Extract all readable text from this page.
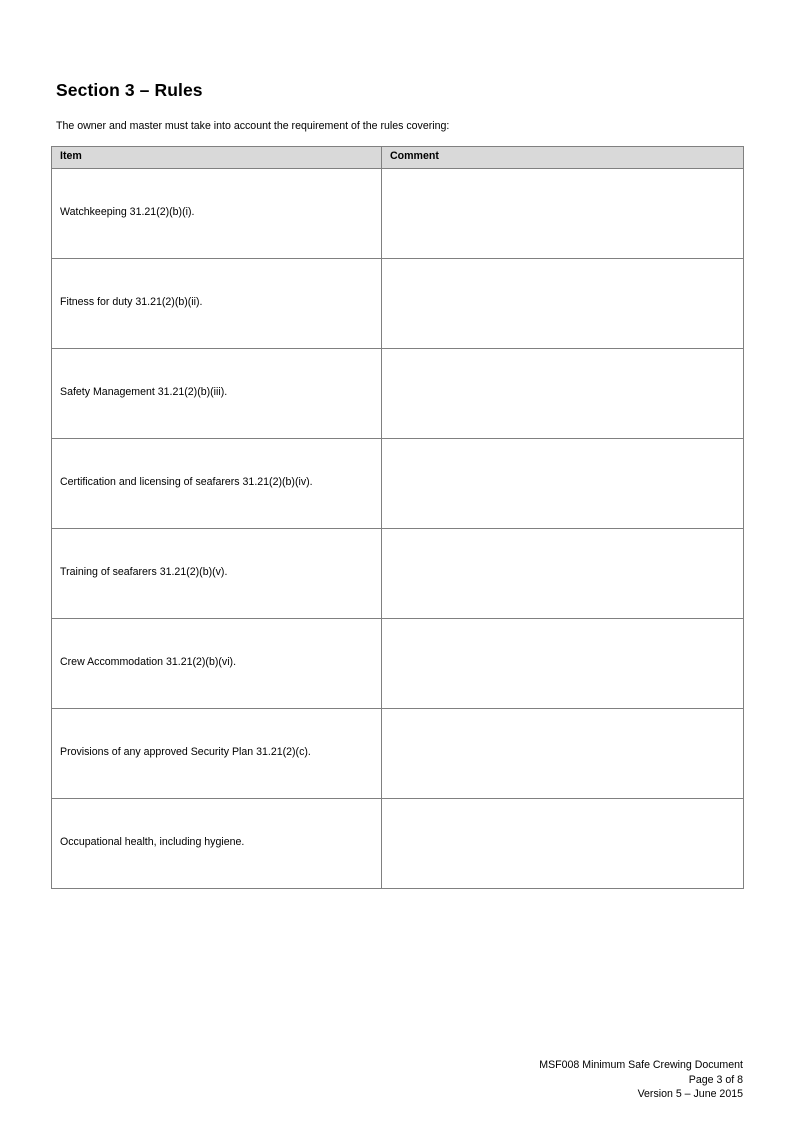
Section 3 – Rules

The owner and master must take into account the requirement of the rules covering:

Item	Comment
Watchkeeping 31.21(2)(b)(i).	
Fitness for duty 31.21(2)(b)(ii).	
Safety Management 31.21(2)(b)(iii).	
Certification and licensing of seafarers 31.21(2)(b)(iv).	
Training of seafarers 31.21(2)(b)(v).	
Crew Accommodation 31.21(2)(b)(vi).	
Provisions of any approved Security Plan 31.21(2)(c).	
Occupational health, including hygiene.	
MSF008 Minimum Safe Crewing Document
Page 3 of 8
Version 5 – June 2015
